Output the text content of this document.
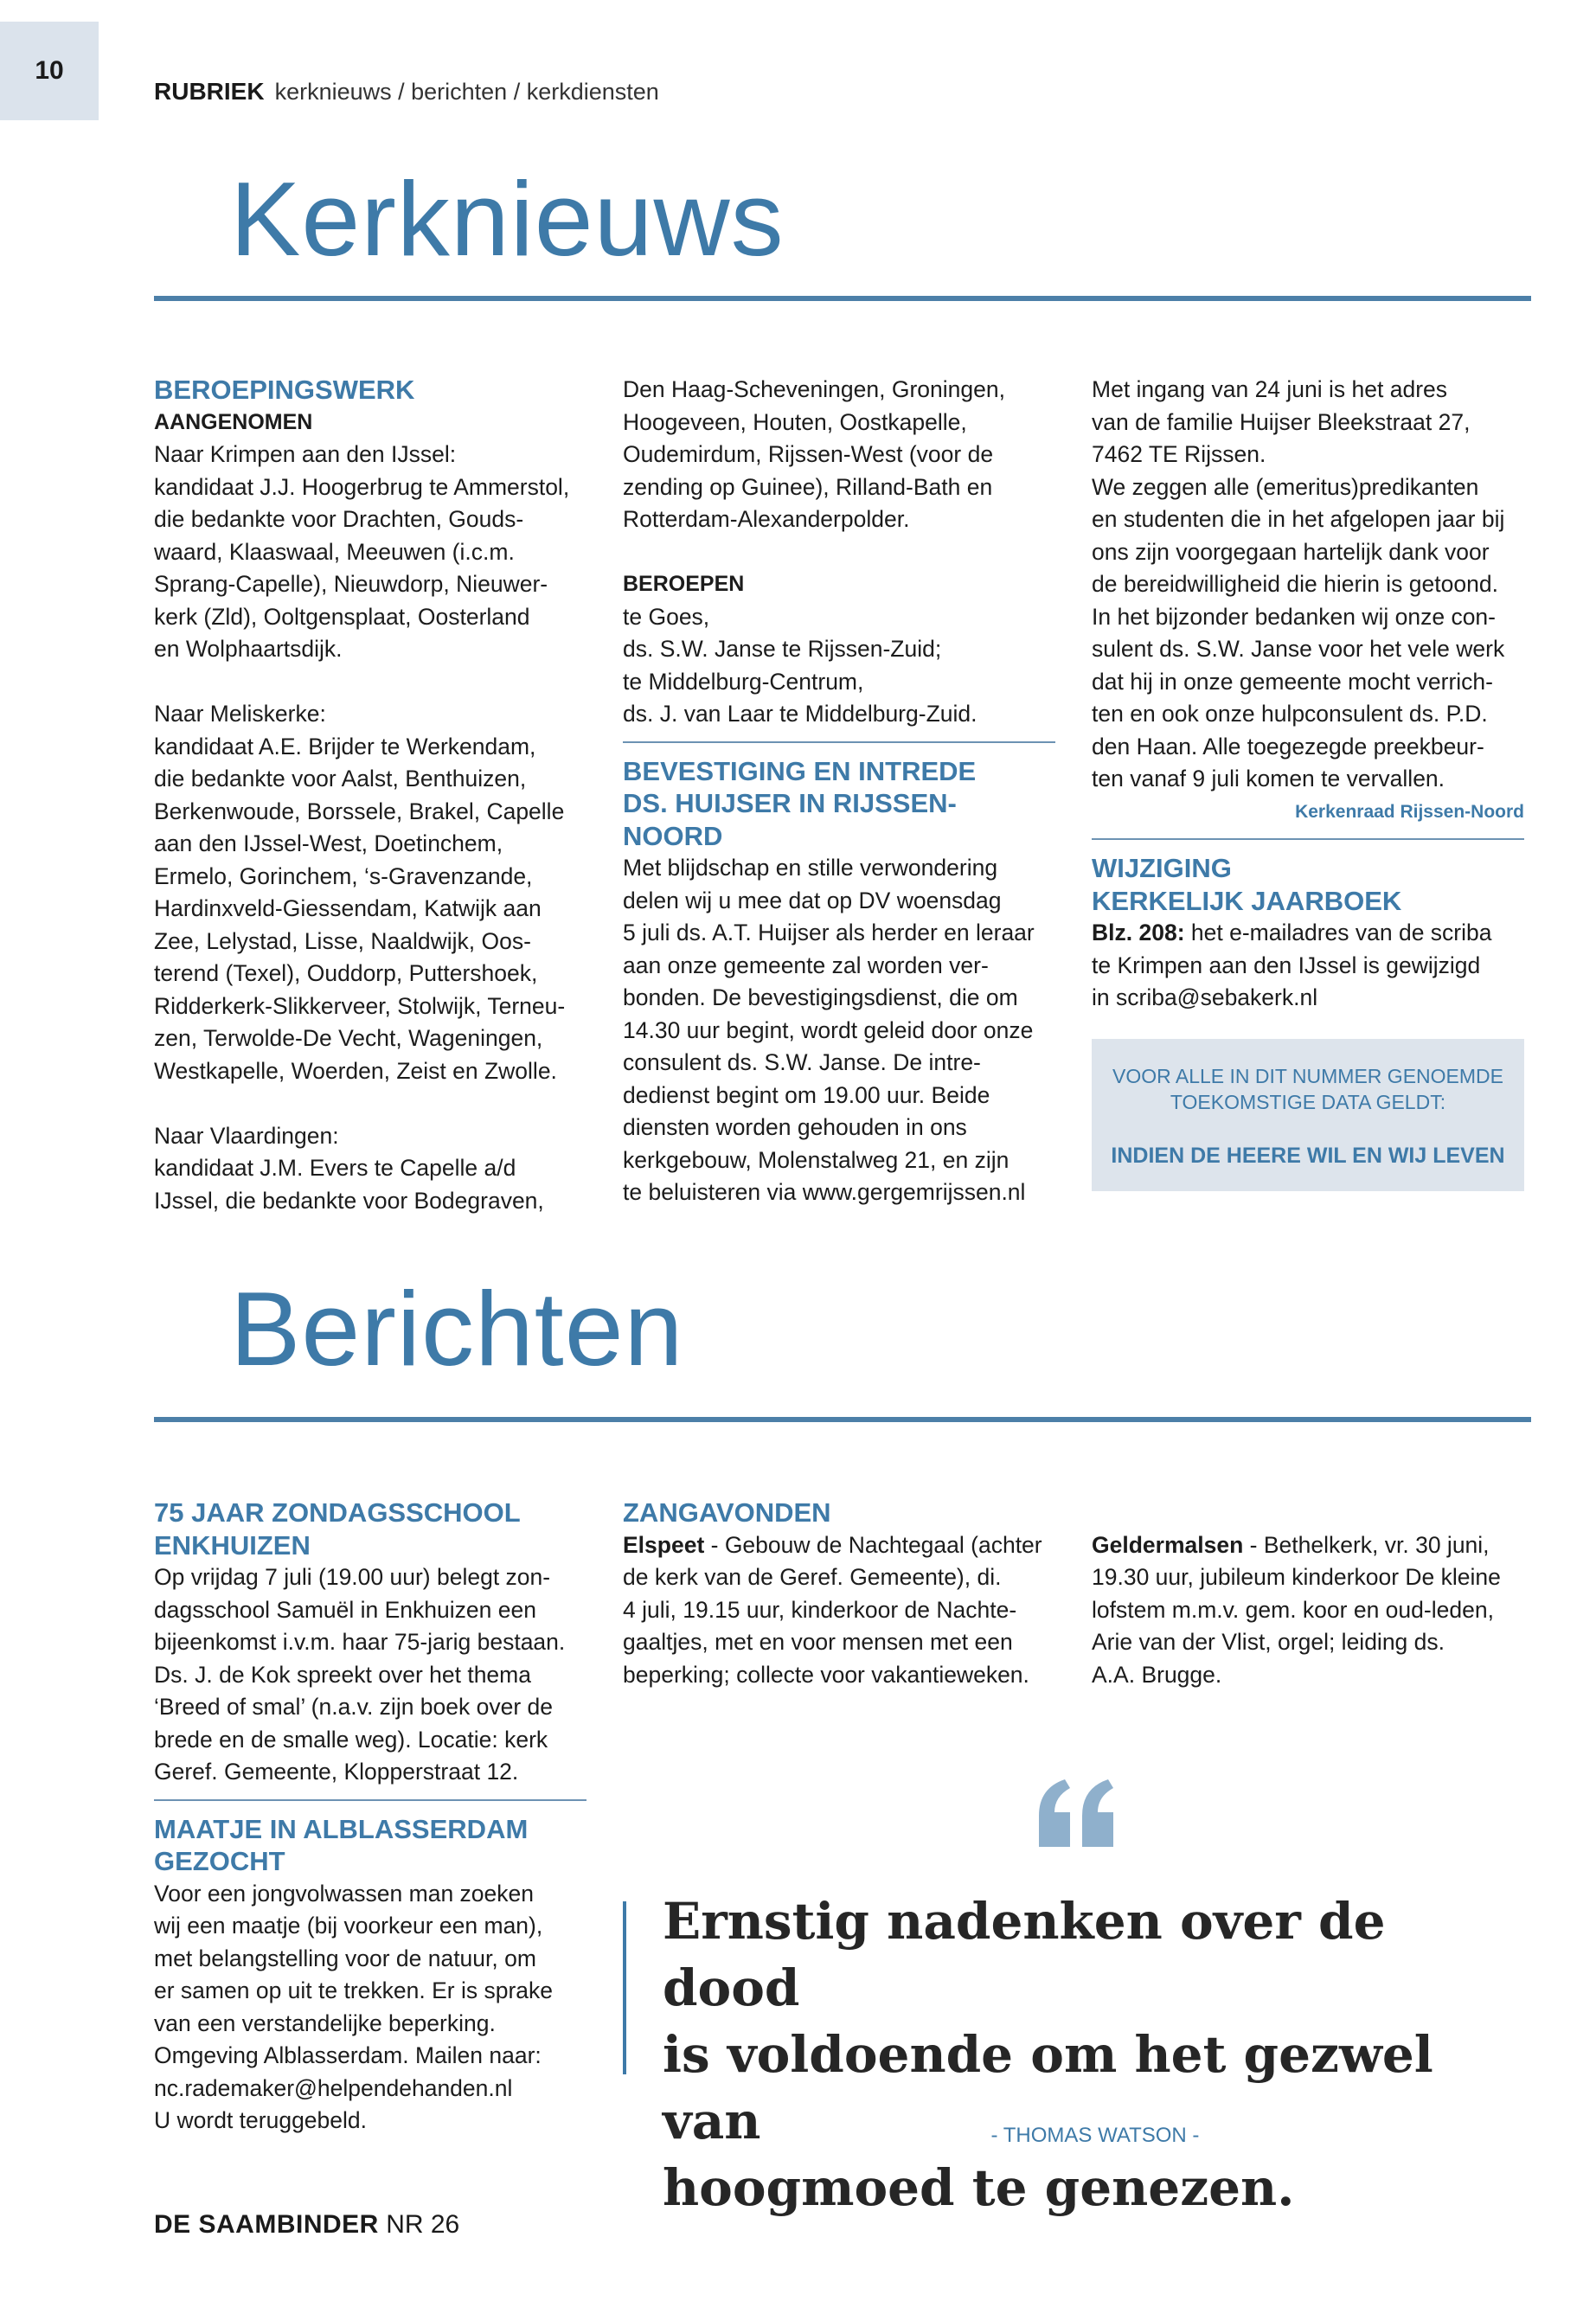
10
RUBRIEK kerknieuws / berichten / kerkdiensten
Kerknieuws

BEROEPINGSWERK

AANGENOMEN

Naar Krimpen aan den IJssel:

kandidaat J.J. Hoogerbrug te Ammerstol,

die bedankte voor Drachten, Gouds-

waard, Klaaswaal, Meeuwen (i.c.m.

Sprang-Capelle), Nieuwdorp, Nieuwer-

kerk (Zld), Ooltgensplaat, Oosterland

en Wolphaartsdijk.

Naar Meliskerke:

kandidaat A.E. Brijder te Werkendam,

die bedankte voor Aalst, Benthuizen,

Berkenwoude, Borssele, Brakel, Capelle

aan den IJssel-West, Doetinchem,

Ermelo, Gorinchem, ‘s-Gravenzande,

Hardinxveld-Giessendam, Katwijk aan

Zee, Lelystad, Lisse, Naaldwijk, Oos-

terend (Texel), Ouddorp, Puttershoek,

Ridderkerk-Slikkerveer, Stolwijk, Terneu-

zen, Terwolde-De Vecht, Wageningen,

Westkapelle, Woerden, Zeist en Zwolle.

Naar Vlaardingen:

kandidaat J.M. Evers te Capelle a/d

IJssel, die bedankte voor Bodegraven,

Den Haag-Scheveningen, Groningen,

Hoogeveen, Houten, Oostkapelle,

Oudemirdum, Rijssen-West (voor de

zending op Guinee), Rilland-Bath en

Rotterdam-Alexanderpolder.

BEROEPEN

te Goes,

ds. S.W. Janse te Rijssen-Zuid;

te Middelburg-Centrum,

ds. J. van Laar te Middelburg-Zuid.

BEVESTIGING EN INTREDE

DS. HUIJSER IN RIJSSEN-

NOORD

Met blijdschap en stille verwondering

delen wij u mee dat op DV woensdag

5 juli ds. A.T. Huijser als herder en leraar

aan onze gemeente zal worden ver-

bonden. De bevestigingsdienst, die om

14.30 uur begint, wordt geleid door onze

consulent ds. S.W. Janse. De intre-

dedienst begint om 19.00 uur. Beide

diensten worden gehouden in ons

kerkgebouw, Molenstalweg 21, en zijn

te beluisteren via www.gergemrijssen.nl

Met ingang van 24 juni is het adres

van de familie Huijser Bleekstraat 27,

7462 TE Rijssen.

We zeggen alle (emeritus)predikanten

en studenten die in het afgelopen jaar bij

ons zijn voorgegaan hartelijk dank voor

de bereidwilligheid die hierin is getoond.

In het bijzonder bedanken wij onze con-

sulent ds. S.W. Janse voor het vele werk

dat hij in onze gemeente mocht verrich-

ten en ook onze hulpconsulent ds. P.D.

den Haan. Alle toegezegde preekbeur-

ten vanaf 9 juli komen te vervallen.

Kerkenraad Rijssen-Noord

WIJZIGING

KERKELIJK JAARBOEK

Blz. 208: het e-mailadres van de scriba

te Krimpen aan den IJssel is gewijzigd

in scriba@sebakerk.nl

VOOR ALLE IN DIT NUMMER GENOEMDE
TOEKOMSTIGE DATA GELDT:
INDIEN DE HEERE WIL EN WIJ LEVEN
Berichten

75 JAAR ZONDAGSSCHOOL

ENKHUIZEN

Op vrijdag 7 juli (19.00 uur) belegt zon-

dagsschool Samuël in Enkhuizen een

bijeenkomst i.v.m. haar 75-jarig bestaan.

Ds. J. de Kok spreekt over het thema

‘Breed of smal’ (n.a.v. zijn boek over de

brede en de smalle weg). Locatie: kerk

Geref. Gemeente, Klopperstraat 12.

MAATJE IN ALBLASSERDAM

GEZOCHT

Voor een jongvolwassen man zoeken

wij een maatje (bij voorkeur een man),

met belangstelling voor de natuur, om

er samen op uit te trekken. Er is sprake

van een verstandelijke beperking.

Omgeving Alblasserdam. Mailen naar:

nc.rademaker@helpendehanden.nl

U wordt teruggebeld.

ZANGAVONDEN

Elspeet - Gebouw de Nachtegaal (achter

de kerk van de Geref. Gemeente), di.

4 juli, 19.15 uur, kinderkoor de Nachte-

gaaltjes, met en voor mensen met een

beperking; collecte voor vakantieweken.

Geldermalsen - Bethelkerk, vr. 30 juni,

19.30 uur, jubileum kinderkoor De kleine

lofstem m.m.v. gem. koor en oud-leden,

Arie van der Vlist, orgel; leiding ds.

A.A. Brugge.

Ernstig nadenken over de dood
is voldoende om het gezwel van
hoogmoed te genezen.
- THOMAS WATSON -
DE SAAMBINDER NR 26
